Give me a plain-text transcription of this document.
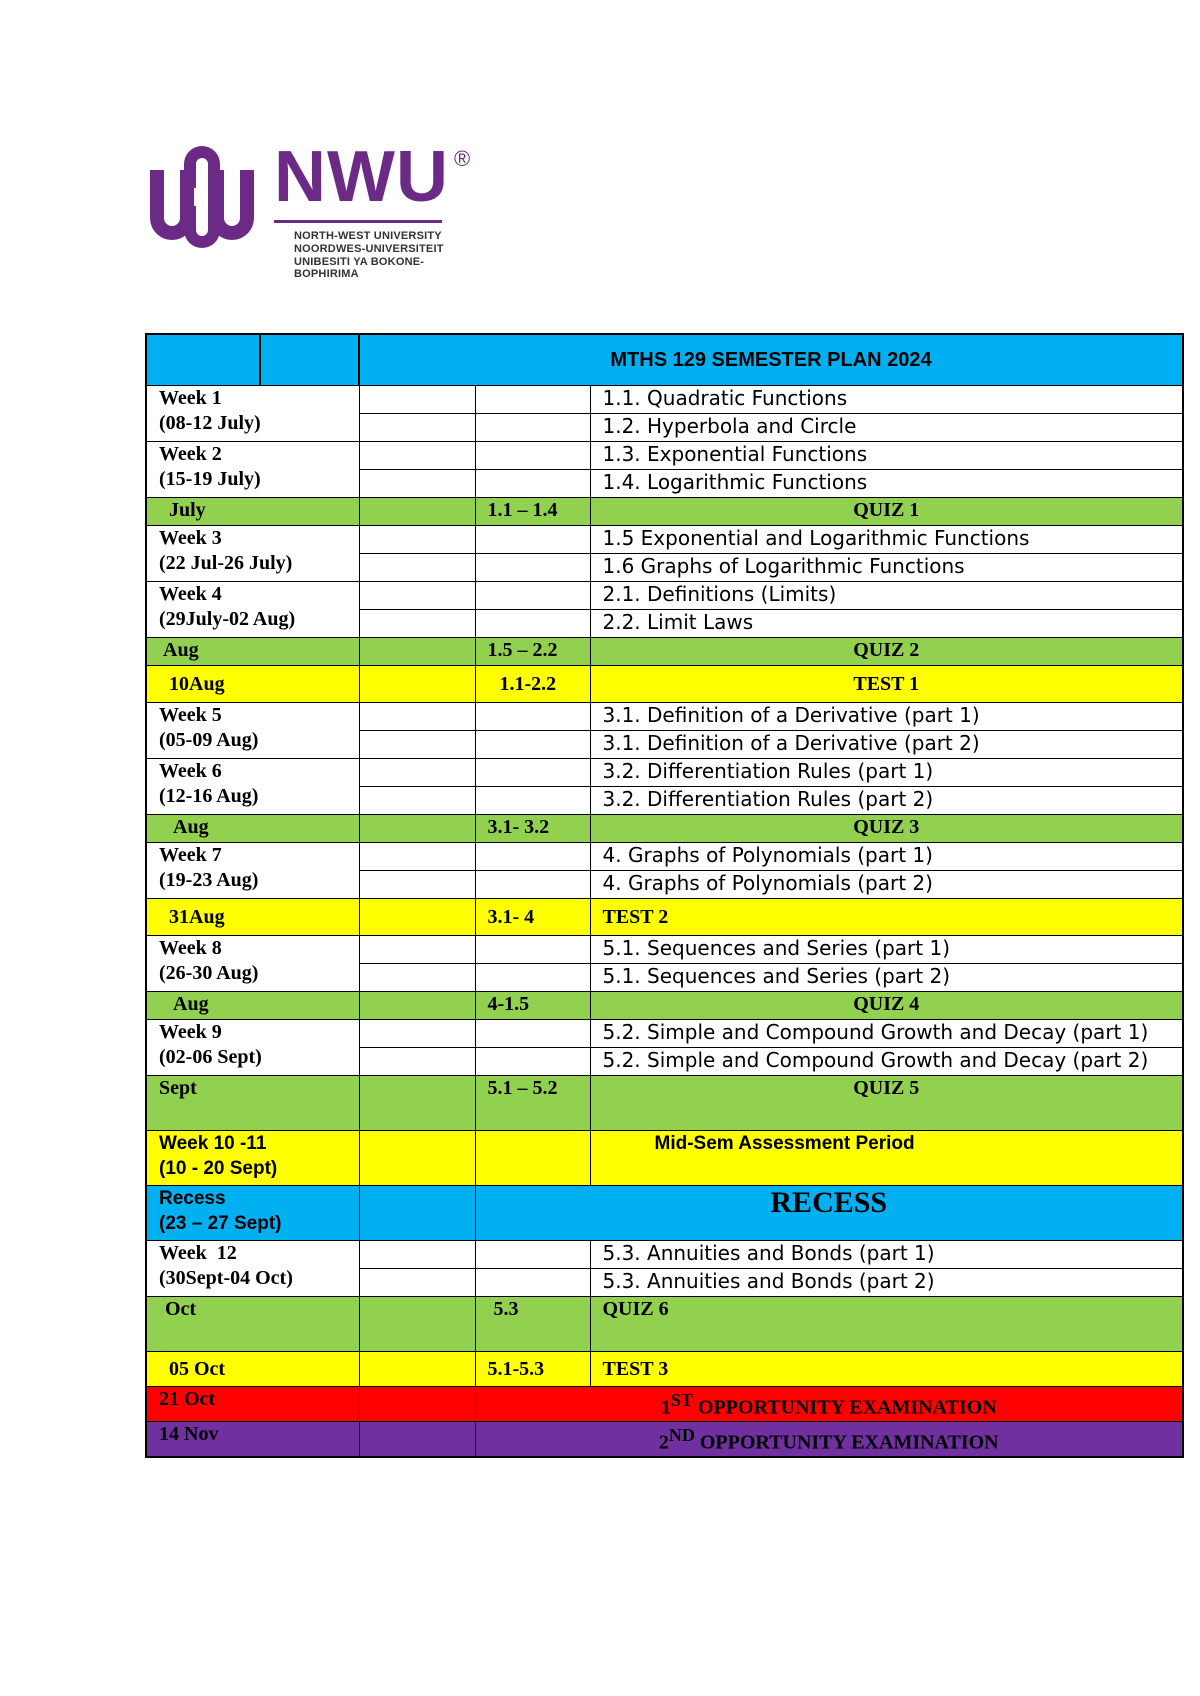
NWU ®
NORTH-WEST UNIVERSITY
NOORDWES-UNIVERSITEIT
UNIBESITI YA BOKONE-BOPHIRIMA
	MTHS 129 SEMESTER PLAN 2024		

Week 1
(08-12 July)			1.1. Quadratic Functions
			1.2. Hyperbola and Circle

Week 2
(15-19 July)			1.3. Exponential Functions
			1.4. Logarithmic Functions
July		1.1 – 1.4	QUIZ 1

Week 3
(22 Jul-26 July)			1.5 Exponential and Logarithmic Functions
			1.6 Graphs of Logarithmic Functions

Week 4
(29July-02 Aug)			2.1. Definitions (Limits)
			2.2. Limit Laws
Aug		1.5 – 2.2	QUIZ 2
10Aug		1.1-2.2	TEST 1

Week 5
(05-09 Aug)			3.1. Definition of a Derivative (part 1)
			3.1. Definition of a Derivative (part 2)

Week 6
(12-16 Aug)			3.2. Differentiation Rules (part 1)
			3.2. Differentiation Rules (part 2)
Aug		3.1- 3.2	QUIZ 3

Week 7
(19-23 Aug)			4. Graphs of Polynomials (part 1)
			4. Graphs of Polynomials (part 2)
31Aug		3.1- 4	TEST 2

Week 8
(26-30 Aug)			5.1. Sequences and Series (part 1)
			5.1. Sequences and Series (part 2)
Aug		4-1.5	QUIZ 4

Week 9
(02-06 Sept)			5.2. Simple and Compound Growth and Decay (part 1)
			5.2. Simple and Compound Growth and Decay (part 2)
Sept		5.1 – 5.2	QUIZ 5

Week 10 -11
(10 - 20 Sept)			Mid-Sem Assessment Period

Recess
(23 – 27 Sept)		RECESS	

Week  12
(30Sept-04 Oct)			5.3. Annuities and Bonds (part 1)
			5.3. Annuities and Bonds (part 2)
Oct		5.3	QUIZ 6
05 Oct		5.1-5.3	TEST 3
21 Oct		1ST OPPORTUNITY EXAMINATION	
14 Nov		2ND OPPORTUNITY EXAMINATION	
